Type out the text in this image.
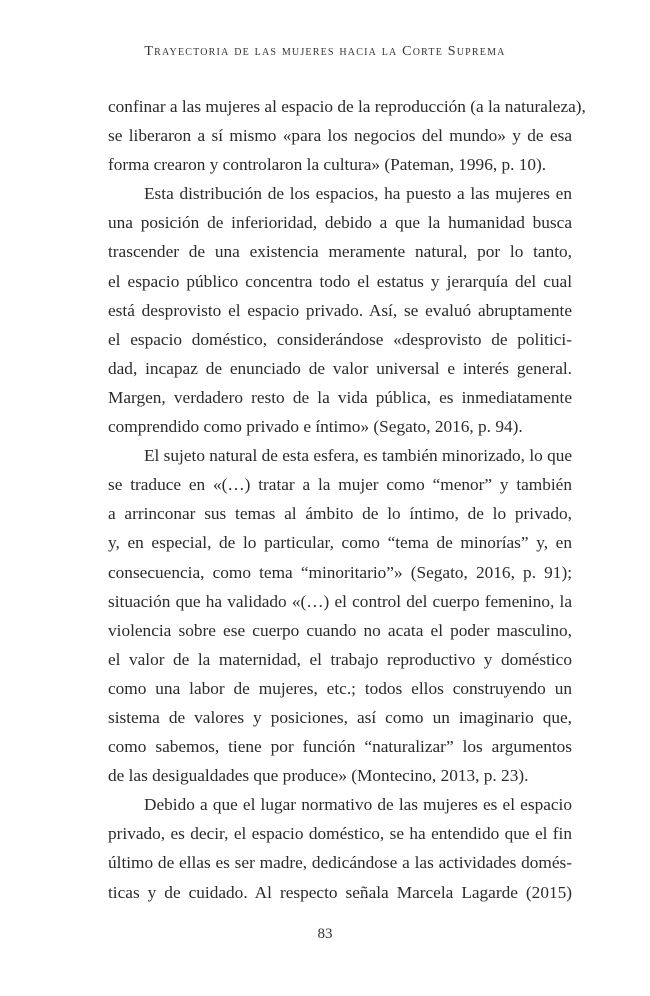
Trayectoria de las mujeres hacia la Corte Suprema

confinar a las mujeres al espacio de la reproducción (a la naturaleza),
se liberaron a sí mismo «para los negocios del mundo» y de esa
forma crearon y controlaron la cultura» (Pateman, 1996, p. 10).

Esta distribución de los espacios, ha puesto a las mujeres en
una posición de inferioridad, debido a que la humanidad busca
trascender de una existencia meramente natural, por lo tanto,
el espacio público concentra todo el estatus y jerarquía del cual
está desprovisto el espacio privado. Así, se evaluó abruptamente
el espacio doméstico, considerándose «desprovisto de politici-
dad, incapaz de enunciado de valor universal e interés general.
Margen, verdadero resto de la vida pública, es inmediatamente
comprendido como privado e íntimo» (Segato, 2016, p. 94).

El sujeto natural de esta esfera, es también minorizado, lo que
se traduce en «(…) tratar a la mujer como “menor” y también
a arrinconar sus temas al ámbito de lo íntimo, de lo privado,
y, en especial, de lo particular, como “tema de minorías” y, en
consecuencia, como tema “minoritario”» (Segato, 2016, p. 91);
situación que ha validado «(…) el control del cuerpo femenino, la
violencia sobre ese cuerpo cuando no acata el poder masculino,
el valor de la maternidad, el trabajo reproductivo y doméstico
como una labor de mujeres, etc.; todos ellos construyendo un
sistema de valores y posiciones, así como un imaginario que,
como sabemos, tiene por función “naturalizar” los argumentos
de las desigualdades que produce» (Montecino, 2013, p. 23).

Debido a que el lugar normativo de las mujeres es el espacio
privado, es decir, el espacio doméstico, se ha entendido que el fin
último de ellas es ser madre, dedicándose a las actividades domés-
ticas y de cuidado. Al respecto señala Marcela Lagarde (2015)

83
